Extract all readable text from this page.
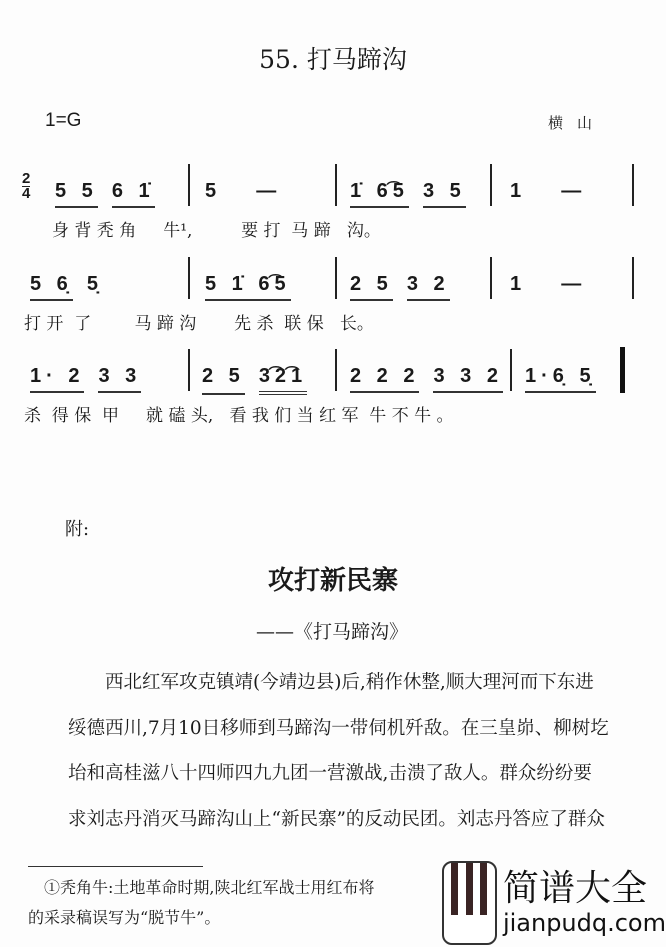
55. 打马蹄沟
1=G	横山
2
4 5 5 6 1̇	5 —	1̇ 6͡5 3 5 1 —
身 背 秃 角     牛¹,         要 打  马 蹄   沟。
5 6̣ 5̣	5 1̇ 6͡5	2 5 3 2	1 —
打 开  了        马 蹄 沟       先 杀  联 保   长。
1· 2 3 3	2 5 3͡2͡1 2 2 2 3 3 2 1·6̣ 5̣
杀  得 保  甲     就 磕 头,   看 我 们 当 红 军  牛 不 牛 。
附:
攻打新民寨
——《打马蹄沟》
　　西北红军攻克镇靖(今靖边县)后,稍作休整,顺大理河而下东进
绥德西川,7月10日移师到马蹄沟一带伺机歼敌。在三皇峁、柳树圪
坮和高桂滋八十四师四九九团一营激战,击溃了敌人。群众纷纷要
求刘志丹消灭马蹄沟山上“新民寨”的反动民团。刘志丹答应了群众
　①秃角牛:土地革命时期,陕北红军战士用红布将
的采录稿误写为“脱节牛”。
简谱大全
jianpudq.com
